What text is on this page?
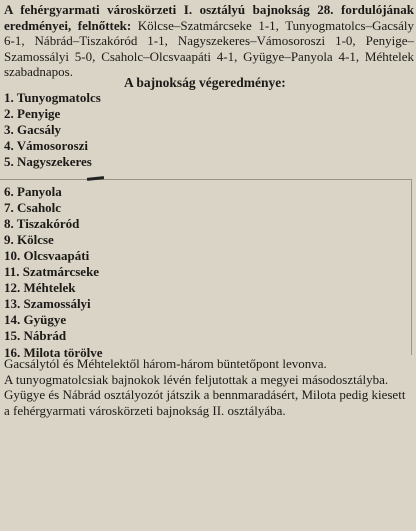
A fehérgyarmati városkörzeti I. osztályú bajnokság 28. fordulójának eredményei, felnőttek: Kölcse–Szatmárcseke 1-1, Tunyogmatolcs–Gacsály 6-1, Nábrád–Tiszakóród 1-1, Nagyszekeres–Vámosoroszi 1-0, Penyige–Szamossályi 5-0, Csaholc–Olcsvaapáti 4-1, Gyügye–Panyola 4-1, Méhtelek szabadnapos.
A bajnokság végeredménye:
1. Tunyogmatolcs
2. Penyige
3. Gacsály
4. Vámosoroszi
5. Nagyszekeres
6. Panyola
7. Csaholc
8. Tiszakóród
9. Kölcse
10. Olcsvaapáti
11. Szatmárcseke
12. Méhtelek
13. Szamossályi
14. Gyügye
15. Nábrád
16. Milota törölve

Gacsálytól és Méhtelektől három-három büntetőpont levonva.

A tunyogmatolcsiak bajnokok lévén feljutottak a megyei másodosztályba.

Gyügye és Nábrád osztályozót játszik a bennmaradásért, Milota pedig kiesett a fehérgyarmati városkörzeti bajnokság II. osztályába.
